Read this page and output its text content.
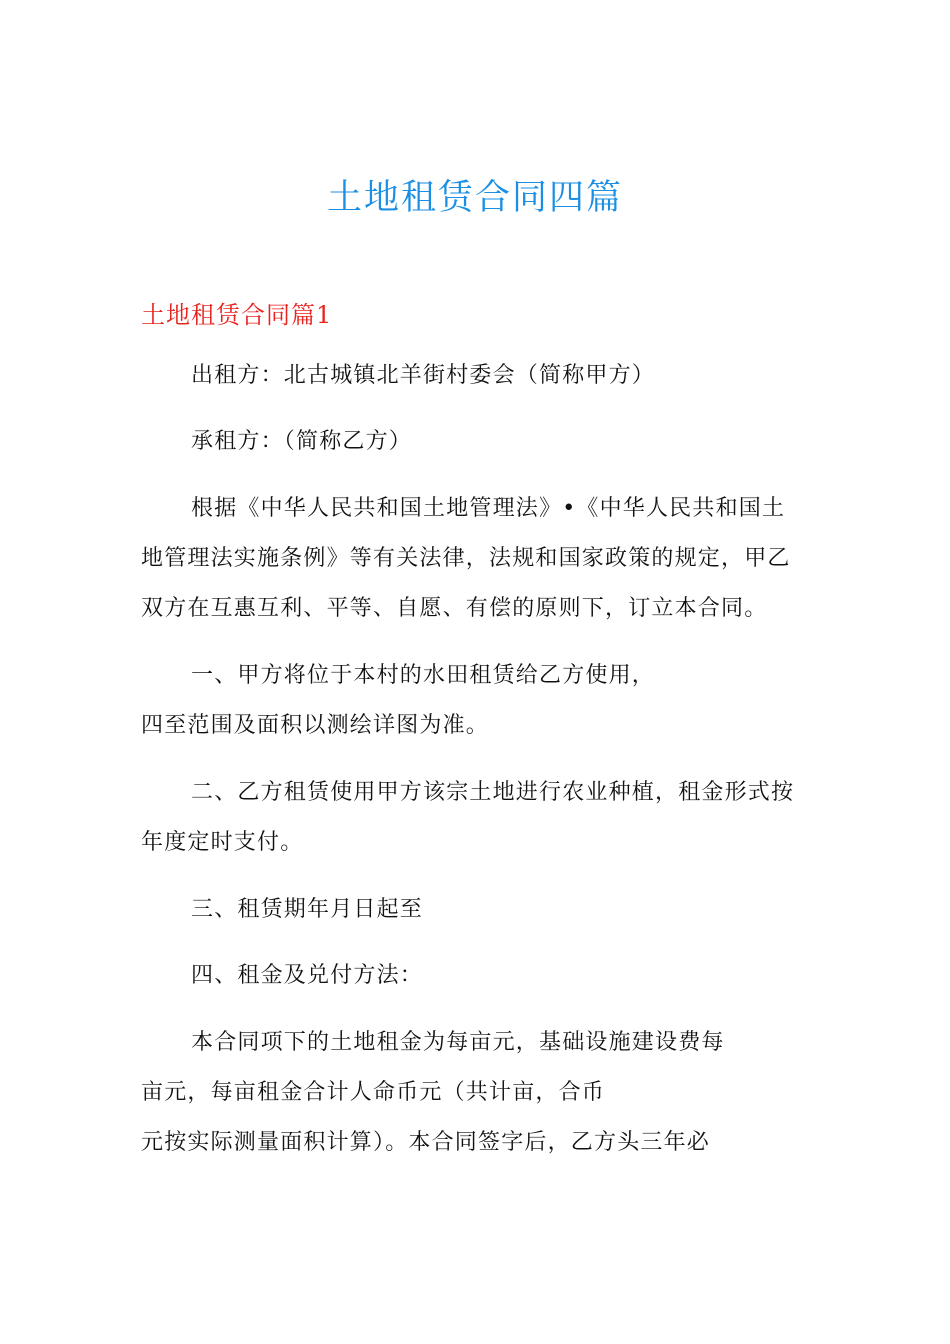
土地租赁合同四篇
土地租赁合同篇1
出租方：北古城镇北羊街村委会（简称甲方）
承租方：（简称乙方）
根据《中华人民共和国土地管理法》•《中华人民共和国土
地管理法实施条例》等有关法律，法规和国家政策的规定，甲乙
双方在互惠互利、平等、自愿、有偿的原则下，订立本合同。
一、甲方将位于本村的水田租赁给乙方使用，
四至范围及面积以测绘详图为准。
二、乙方租赁使用甲方该宗土地进行农业种植，租金形式按
年度定时支付。
三、租赁期年月日起至
四、租金及兑付方法：
本合同项下的土地租金为每亩元，基础设施建设费每
亩元，每亩租金合计人命币元（共计亩，合币
元按实际测量面积计算）。本合同签字后，乙方头三年必
